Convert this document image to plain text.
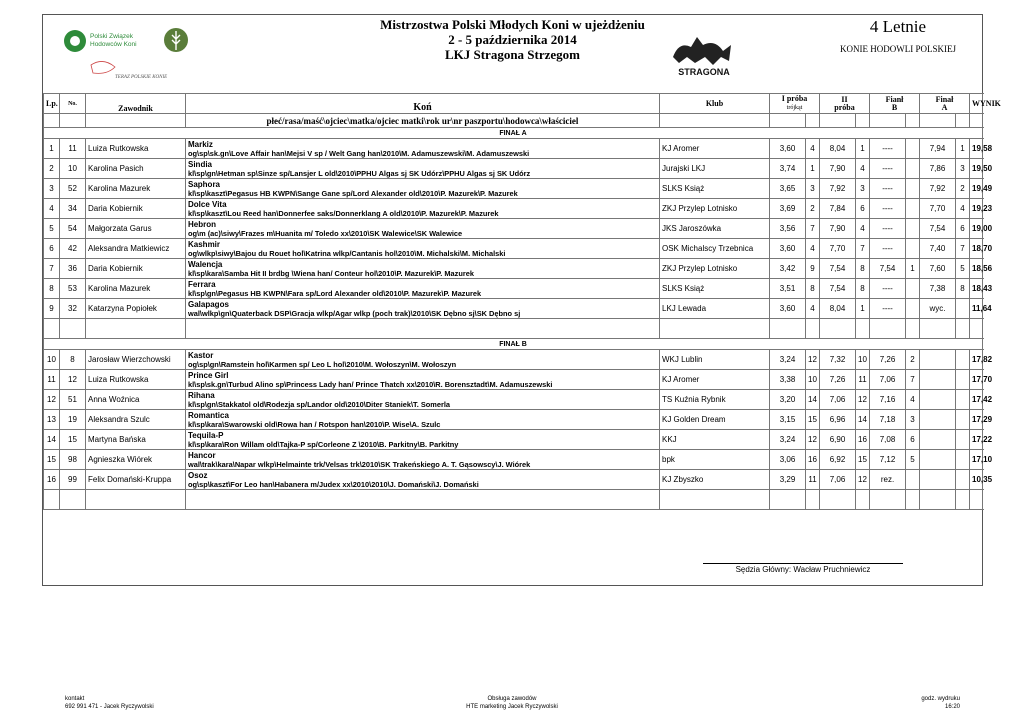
Polski Związek
Hodowców Koni
TERAZ POLSKIE KONIE
Mistrzostwa Polski Młodych Koni w ujeżdżeniu
2 - 5 października 2014
LKJ Stragona Strzegom
STRAGONA
4 Letnie
KONIE HODOWLI POLSKIEJ
Lp.	No.	Zawodnik	Koń	Klub	I próba
trójkąt		II
próba		Fianł
B		Finał
A		WYNIK
			płeć/rasa/maść\ojciec\matka/ojciec matki\rok ur\nr paszportu\hodowca\właściciel										
FINAŁ A													
1	11	Luiza Rutkowska	Markiz
og\sp\sk.gn\Love Affair han\Mejsi V sp / Welt Gang han\2010\M. Adamuszewski\M. Adamuszewski	KJ Aromer	3,60	4	8,04	1	----		7,94	1	19,58
2	10	Karolina Pasich	Sindia
kl\sp\gn\Hetman sp\Sinze sp/Lansjer L old\2010\PPHU Algas sj SK Udórz\PPHU Algas sj SK Udórz	Jurajski LKJ	3,74	1	7,90	4	----		7,86	3	19,50
3	52	Karolina Mazurek	Saphora
kl\sp\kaszt\Pegasus HB KWPN\Sange Gane sp/Lord Alexander old\2010\P. Mazurek\P. Mazurek	SLKS Książ	3,65	3	7,92	3	----		7,92	2	19,49
4	34	Daria Kobiernik	Dolce Vita
kl\sp\kaszt\Lou Reed han\Donnerfee saks/Donnerklang A old\2010\P. Mazurek\P. Mazurek	ZKJ Przylep Lotnisko	3,69	2	7,84	6	----		7,70	4	19,23
5	54	Małgorzata Garus	Hebron
og\m (ac)\siwy\Frazes m\Huanita m/ Toledo xx\2010\SK Walewice\SK Walewice	JKS Jaroszówka	3,56	7	7,90	4	----		7,54	6	19,00
6	42	Aleksandra Matkiewicz	Kashmir
og\wlkp\siwy\Bajou du Rouet hol\Katrina wlkp/Cantanis hol\2010\M. Michalski\M. Michalski	OSK Michalscy Trzebnica	3,60	4	7,70	7	----		7,40	7	18,70
7	36	Daria Kobiernik	Walencja
kl\sp\kara\Samba Hit II brdbg \Wiena han/ Conteur hol\2010\P. Mazurek\P. Mazurek	ZKJ Przylep Lotnisko	3,42	9	7,54	8	7,54	1	7,60	5	18,56
8	53	Karolina Mazurek	Ferrara
kl\sp\gn\Pegasus HB KWPN\Fara sp/Lord Alexander old\2010\P. Mazurek\P. Mazurek	SLKS Książ	3,51	8	7,54	8	----		7,38	8	18,43
9	32	Katarzyna Popiołek	Galapagos
wal\wlkp\gn\Quaterback DSP\Gracja wlkp/Agar wlkp (poch trak)\2010\SK Dębno sj\SK Dębno sj	LKJ Lewada	3,60	4	8,04	1	----		wyc.		11,64

FINAŁ B													
10	8	Jarosław Wierzchowski	Kastor
og\sp\gn\Ramstein hol\Karmen sp/ Leo L hol\2010\M. Wołoszyn\M. Wołoszyn	WKJ Lublin	3,24	12	7,32	10	7,26	2			17,82
11	12	Luiza Rutkowska	Prince Girl
kl\sp\sk.gn\Turbud Alino sp\Princess Lady han/ Prince Thatch xx\2010\R. Borensztadt\M. Adamuszewski	KJ Aromer	3,38	10	7,26	11	7,06	7			17,70
12	51	Anna Woźnica	Rihana
kl\sp\gn\Stakkatol old\Rodezja sp/Landor old\2010\Diter Staniek\T. Somerla	TS Kuźnia Rybnik	3,20	14	7,06	12	7,16	4			17,42
13	19	Aleksandra Szulc	Romantica
kl\sp\kara\Swarowski old\Rowa han / Rotspon han\2010\P. Wise\A. Szulc	KJ Golden Dream	3,15	15	6,96	14	7,18	3			17,29
14	15	Martyna Bańska	Tequila-P
kl\sp\kara\Ron Willam old\Tajka-P sp/Corleone Z \2010\B. Parkitny\B. Parkitny	KKJ	3,24	12	6,90	16	7,08	6			17,22
15	98	Agnieszka Wiórek	Hancor
wal\trak\kara\Napar wlkp\Helmainte trk/Velsas trk\2010\SK Trakeńskiego A. T. Gąsowscy\J. Wiórek	bpk	3,06	16	6,92	15	7,12	5			17,10
16	99	Felix Domański-Kruppa	Osoz
og\sp\kaszt\For Leo han\Habanera m/Judex xx\2010\2010\J. Domański\J. Domański	KJ Zbyszko	3,29	11	7,06	12	rez.				10,35

Sędzia Główny: Wacław Pruchniewicz
kontakt
692 991 471 - Jacek Ryczywolski
Obsługa zawodów
HTE marketing Jacek Ryczywolski
godz. wydruku
16:20
